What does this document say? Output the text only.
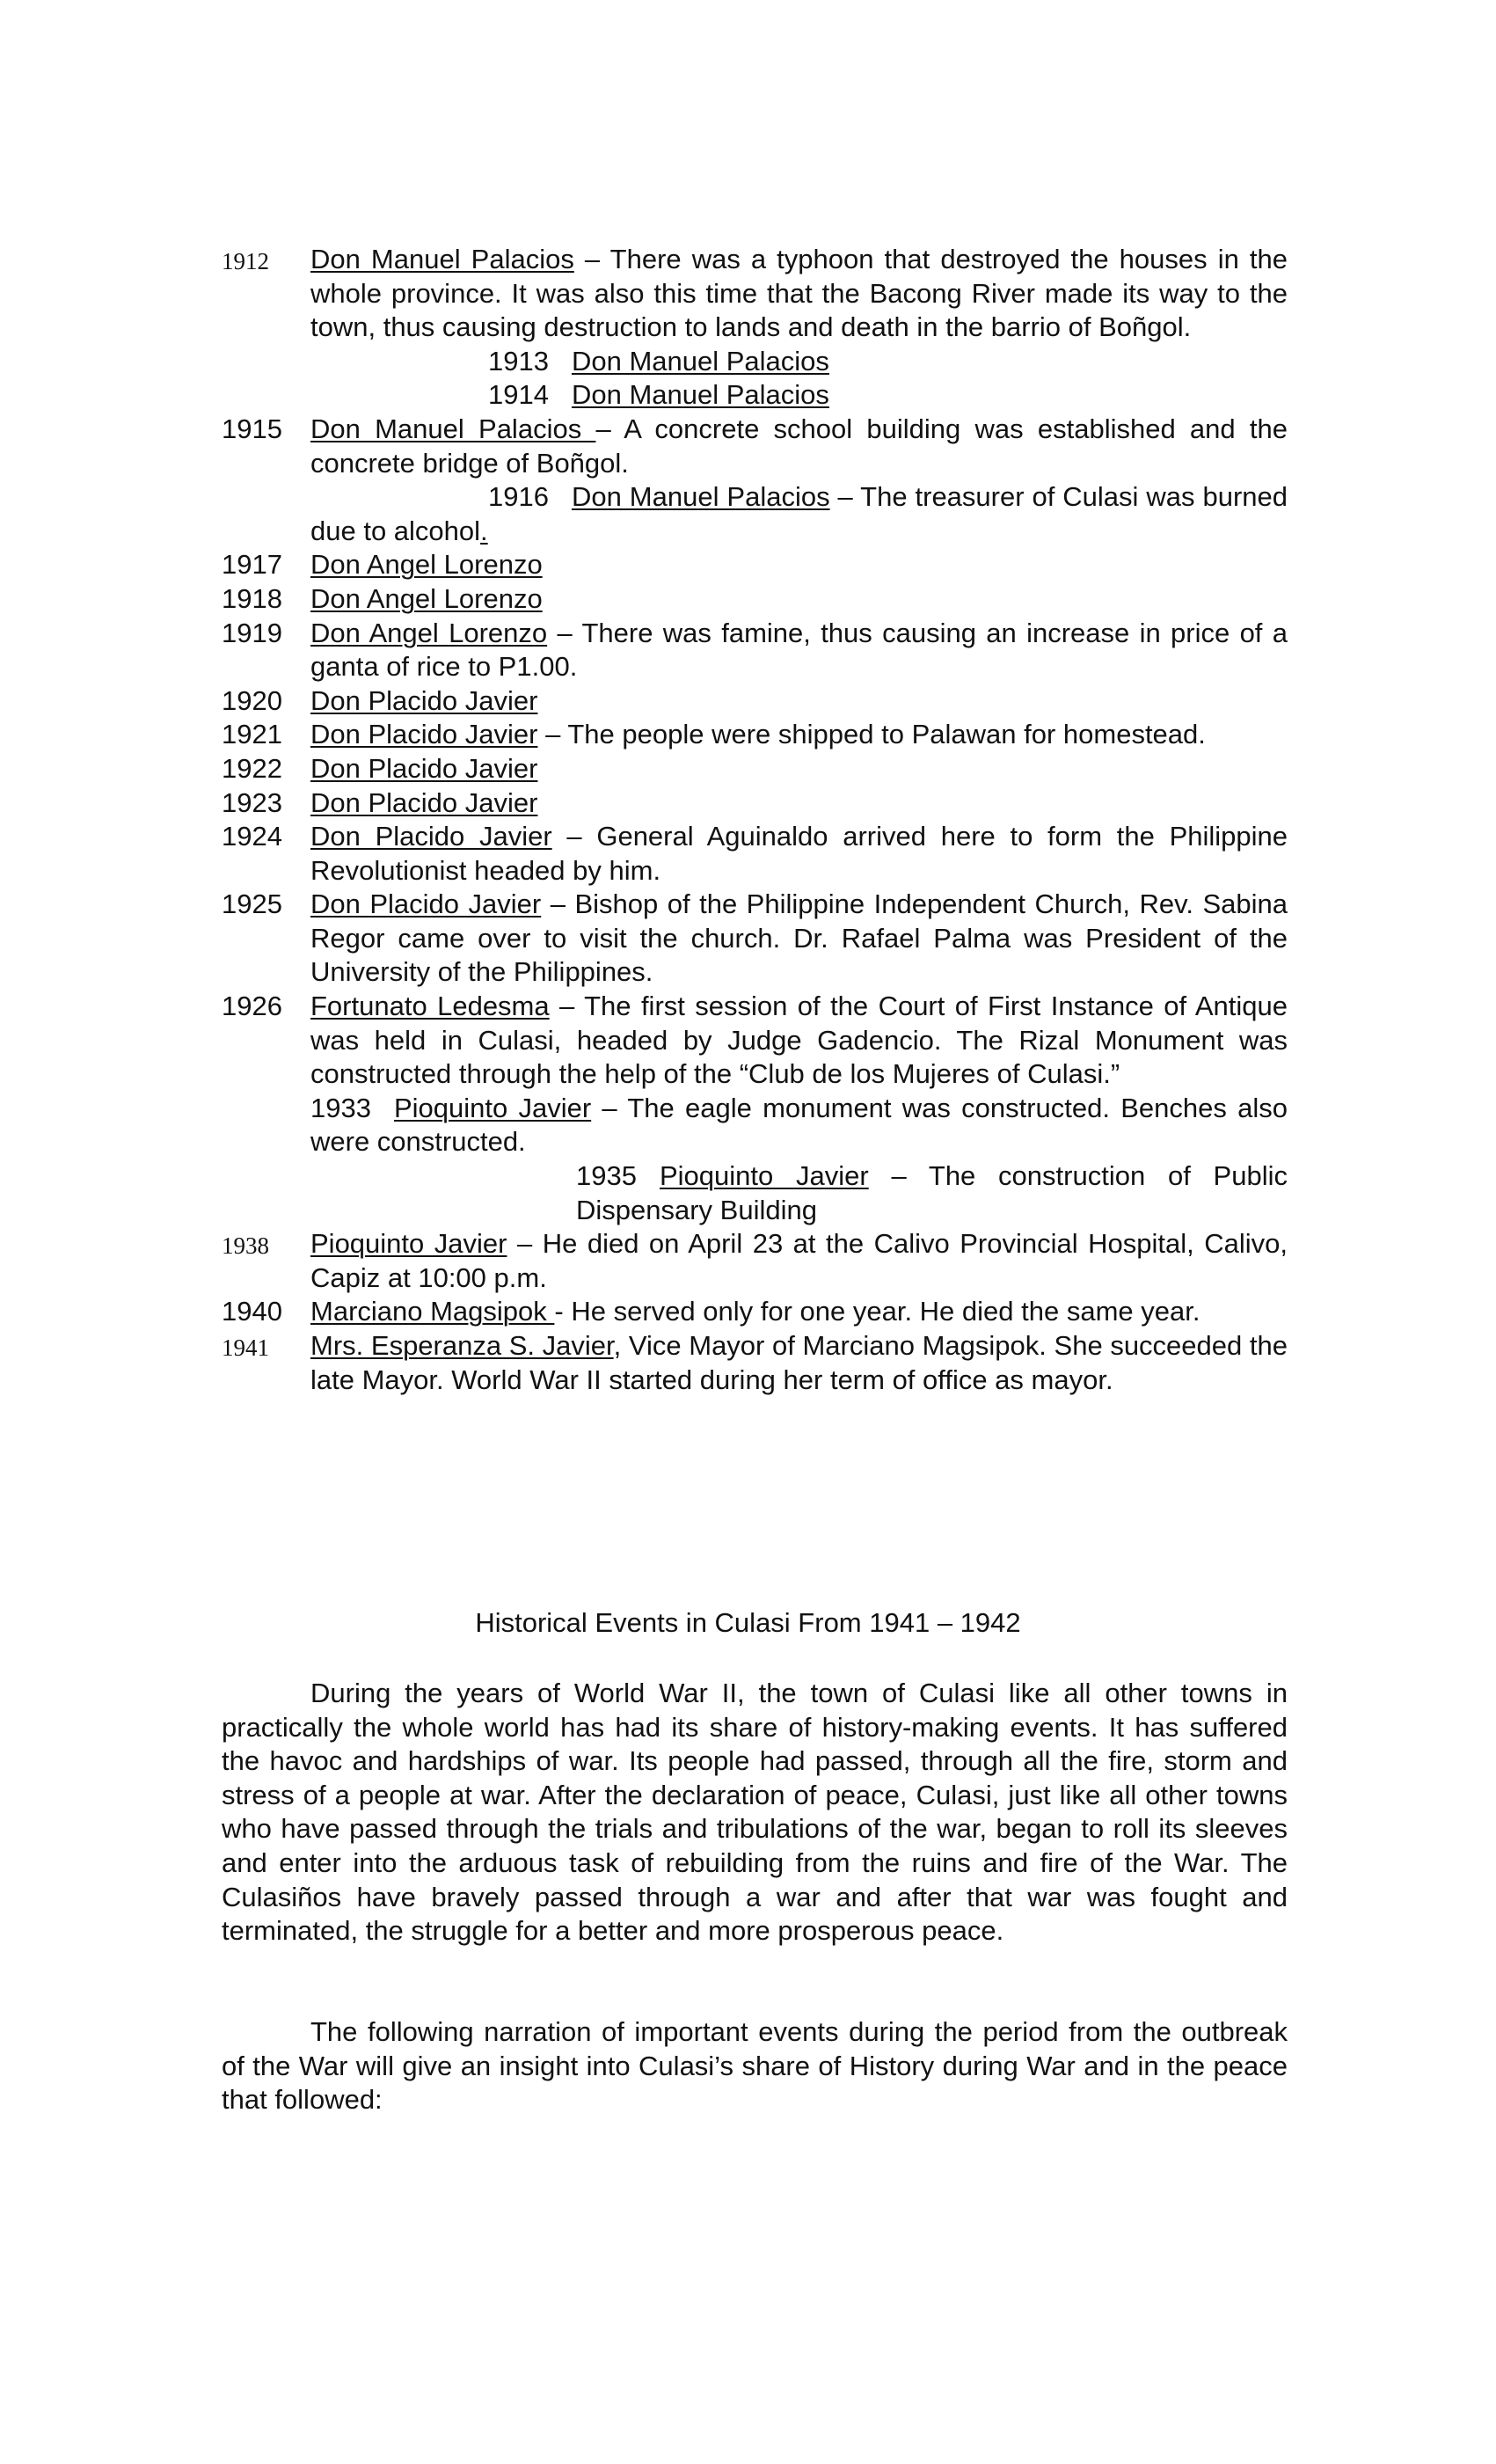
1912 Don Manuel Palacios – There was a typhoon that destroyed the houses in the whole province. It was also this time that the Bacong River made its way to the town, thus causing destruction to lands and death in the barrio of Boñgol.
1913 Don Manuel Palacios
1914 Don Manuel Palacios
1915 Don Manuel Palacios – A concrete school building was established and the concrete bridge of Boñgol.
1916 Don Manuel Palacios – The treasurer of Culasi was burned due to alcohol.
1917 Don Angel Lorenzo
1918 Don Angel Lorenzo
1919 Don Angel Lorenzo – There was famine, thus causing an increase in price of a ganta of rice to P1.00.
1920 Don Placido Javier
1921 Don Placido Javier – The people were shipped to Palawan for homestead.
1922 Don Placido Javier
1923 Don Placido Javier
1924 Don Placido Javier – General Aguinaldo arrived here to form the Philippine Revolutionist headed by him.
1925 Don Placido Javier – Bishop of the Philippine Independent Church, Rev. Sabina Regor came over to visit the church. Dr. Rafael Palma was President of the University of the Philippines.
1926 Fortunato Ledesma – The first session of the Court of First Instance of Antique was held in Culasi, headed by Judge Gadencio. The Rizal Monument was constructed through the help of the “Club de los Mujeres of Culasi.”
1933 Pioquinto Javier – The eagle monument was constructed. Benches also were constructed.
1935 Pioquinto Javier – The construction of Public Dispensary Building
1938 Pioquinto Javier – He died on April 23 at the Calivo Provincial Hospital, Calivo, Capiz at 10:00 p.m.
1940 Marciano Magsipok - He served only for one year. He died the same year.
1941 Mrs. Esperanza S. Javier, Vice Mayor of Marciano Magsipok. She succeeded the late Mayor. World War II started during her term of office as mayor.
Historical Events in Culasi From 1941 – 1942

During the years of World War II, the town of Culasi like all other towns in practically the whole world has had its share of history-making events. It has suffered the havoc and hardships of war. Its people had passed, through all the fire, storm and stress of a people at war. After the declaration of peace, Culasi, just like all other towns who have passed through the trials and tribulations of the war, began to roll its sleeves and enter into the arduous task of rebuilding from the ruins and fire of the War. The Culasiños have bravely passed through a war and after that war was fought and terminated, the struggle for a better and more prosperous peace.

The following narration of important events during the period from the outbreak of the War will give an insight into Culasi’s share of History during War and in the peace that followed:
